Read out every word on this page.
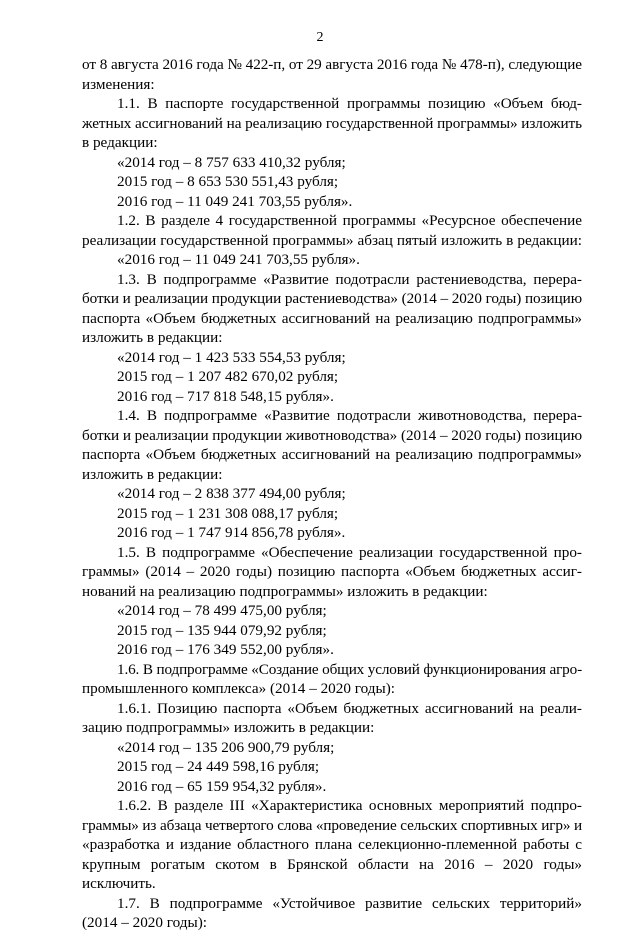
2
от 8 августа 2016 года № 422-п, от 29 августа 2016 года № 478-п), следующие
изменения:
1.1. В паспорте государственной программы позицию «Объем бюд-
жетных ассигнований на реализацию государственной программы» изложить
в редакции:
«2014 год – 8 757 633 410,32 рубля;
2015 год – 8 653 530 551,43 рубля;
2016 год – 11 049 241 703,55 рубля».
1.2. В разделе 4 государственной программы «Ресурсное обеспечение
реализации государственной программы» абзац пятый изложить в редакции:
«2016 год – 11 049 241 703,55 рубля».
1.3. В подпрограмме «Развитие подотрасли растениеводства, перера-
ботки и реализации продукции растениеводства» (2014 – 2020 годы) позицию
паспорта «Объем бюджетных ассигнований на реализацию подпрограммы»
изложить в редакции:
«2014 год – 1 423 533 554,53 рубля;
2015 год – 1 207 482 670,02 рубля;
2016 год – 717 818 548,15 рубля».
1.4. В подпрограмме «Развитие подотрасли животноводства, перера-
ботки и реализации продукции животноводства» (2014 – 2020 годы) позицию
паспорта «Объем бюджетных ассигнований на реализацию подпрограммы»
изложить в редакции:
«2014 год – 2 838 377 494,00 рубля;
2015 год – 1 231 308 088,17 рубля;
2016 год – 1 747 914 856,78 рубля».
1.5. В подпрограмме «Обеспечение реализации государственной про-
граммы» (2014 – 2020 годы) позицию паспорта «Объем бюджетных ассиг-
нований на реализацию подпрограммы» изложить в редакции:
«2014 год – 78 499 475,00 рубля;
2015 год – 135 944 079,92 рубля;
2016 год – 176 349 552,00 рубля».
1.6. В подпрограмме «Создание общих условий функционирования агро-
промышленного комплекса» (2014 – 2020 годы):
1.6.1. Позицию паспорта «Объем бюджетных ассигнований на реали-
зацию подпрограммы» изложить в редакции:
«2014 год – 135 206 900,79 рубля;
2015 год – 24 449 598,16 рубля;
2016 год – 65 159 954,32 рубля».
1.6.2. В разделе III «Характеристика основных мероприятий подпро-
граммы» из абзаца четвертого слова «проведение сельских спортивных игр» и
«разработка и издание областного плана селекционно-племенной работы с
крупным рогатым скотом в Брянской области на 2016 – 2020 годы»
исключить.
1.7. В подпрограмме «Устойчивое развитие сельских территорий»
(2014 – 2020 годы):
